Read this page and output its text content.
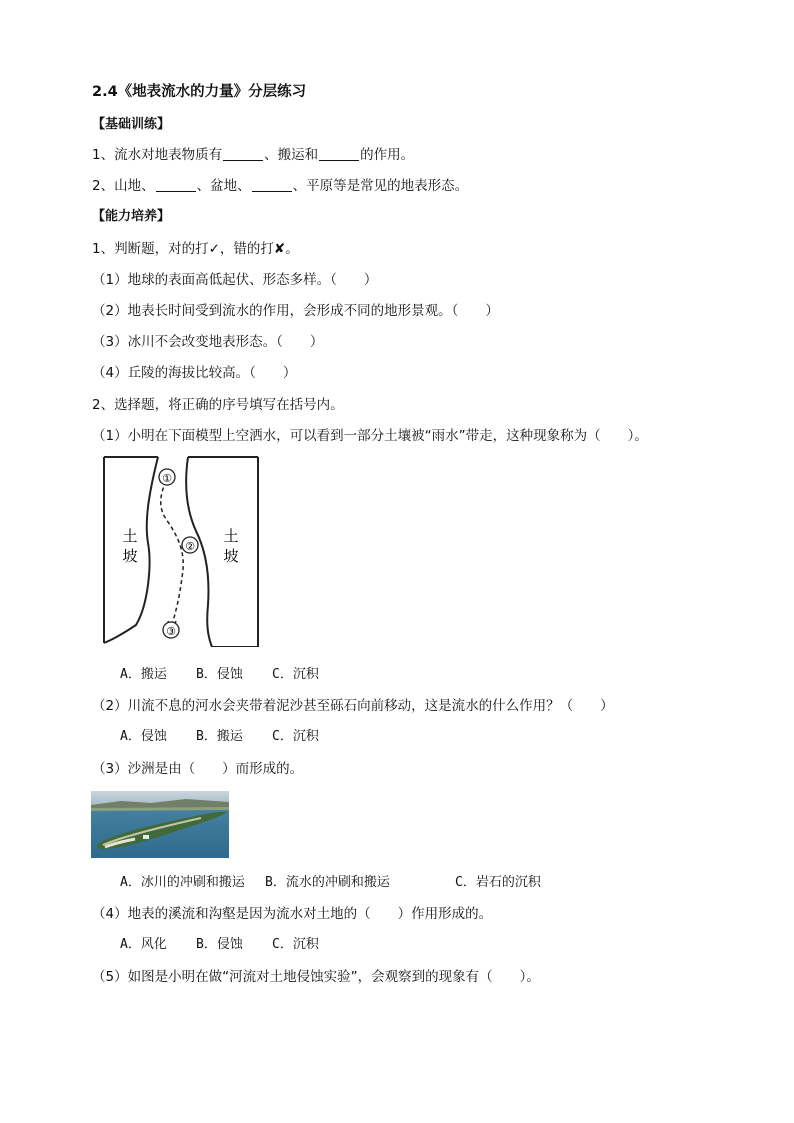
2.4《地表流水的力量》分层练习
【基础训练】
1、流水对地表物质有	、搬运和	的作用。
2、山地、	、盆地、	、平原等是常见的地表形态。
【能力培养】
1、判断题，对的打✓，错的打✘。
（1）地球的表面高低起伏、形态多样。（　　）
（2）地表长时间受到流水的作用，会形成不同的地形景观。（　　）
（3）冰川不会改变地表形态。（　　）
（4）丘陵的海拔比较高。（　　）
2、选择题，将正确的序号填写在括号内。
（1）小明在下面模型上空洒水，可以看到一部分土壤被“雨水”带走，这种现象称为（　　）。
①
②
③
土
坡
土
坡
A．搬运 B．侵蚀 C．沉积
（2）川流不息的河水会夹带着泥沙甚至砾石向前移动，这是流水的什么作用？（　　）
A．侵蚀 B．搬运 C．沉积
（3）沙洲是由（　　）而形成的。
A．冰川的冲刷和搬运 B．流水的冲刷和搬运	C．岩石的沉积
（4）地表的溪流和沟壑是因为流水对土地的（　　）作用形成的。
A．风化 B．侵蚀 C．沉积
（5）如图是小明在做“河流对土地侵蚀实验”，会观察到的现象有（　　）。
